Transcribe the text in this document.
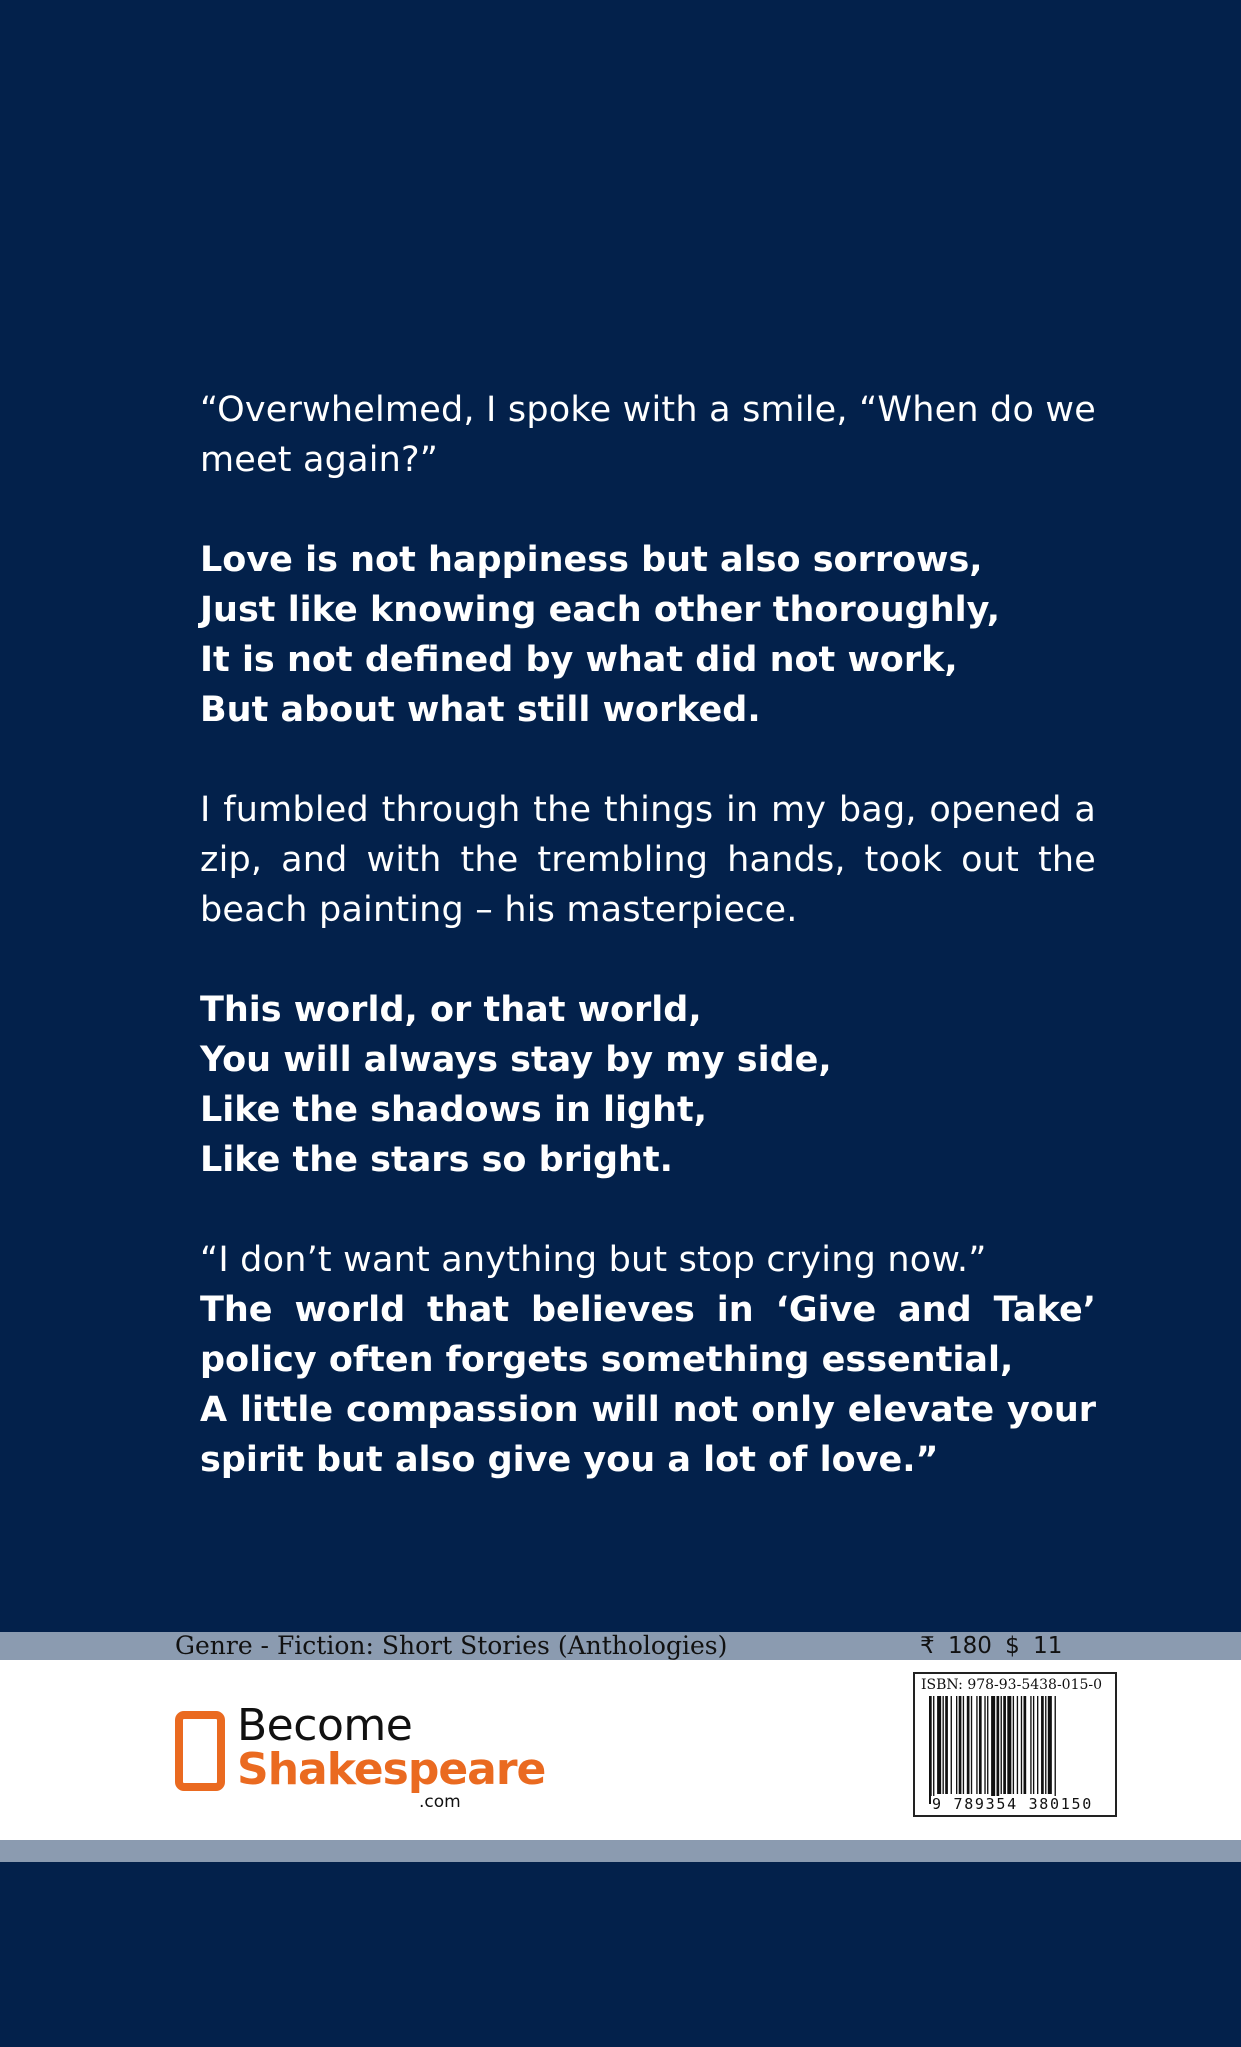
“Overwhelmed, I spoke with a smile, “When do we meet again?”

Love is not happiness but also sorrows,
Just like knowing each other thoroughly,
It is not defined by what did not work,
But about what still worked.

I fumbled through the things in my bag, opened a zip, and with the trembling hands, took out the beach painting – his masterpiece.

This world, or that world,
You will always stay by my side,
Like the shadows in light,
Like the stars so bright.

“I don’t want anything but stop crying now.”
The world that believes in ‘Give and Take’ policy often forgets something essential,
A little compassion will not only elevate your spirit but also give you a lot of love.”

Genre - Fiction: Short Stories (Anthologies)	₹ 180 $ 11
Become
Shakespeare
.com
ISBN: 978-93-5438-015-0
9 789354 380150
